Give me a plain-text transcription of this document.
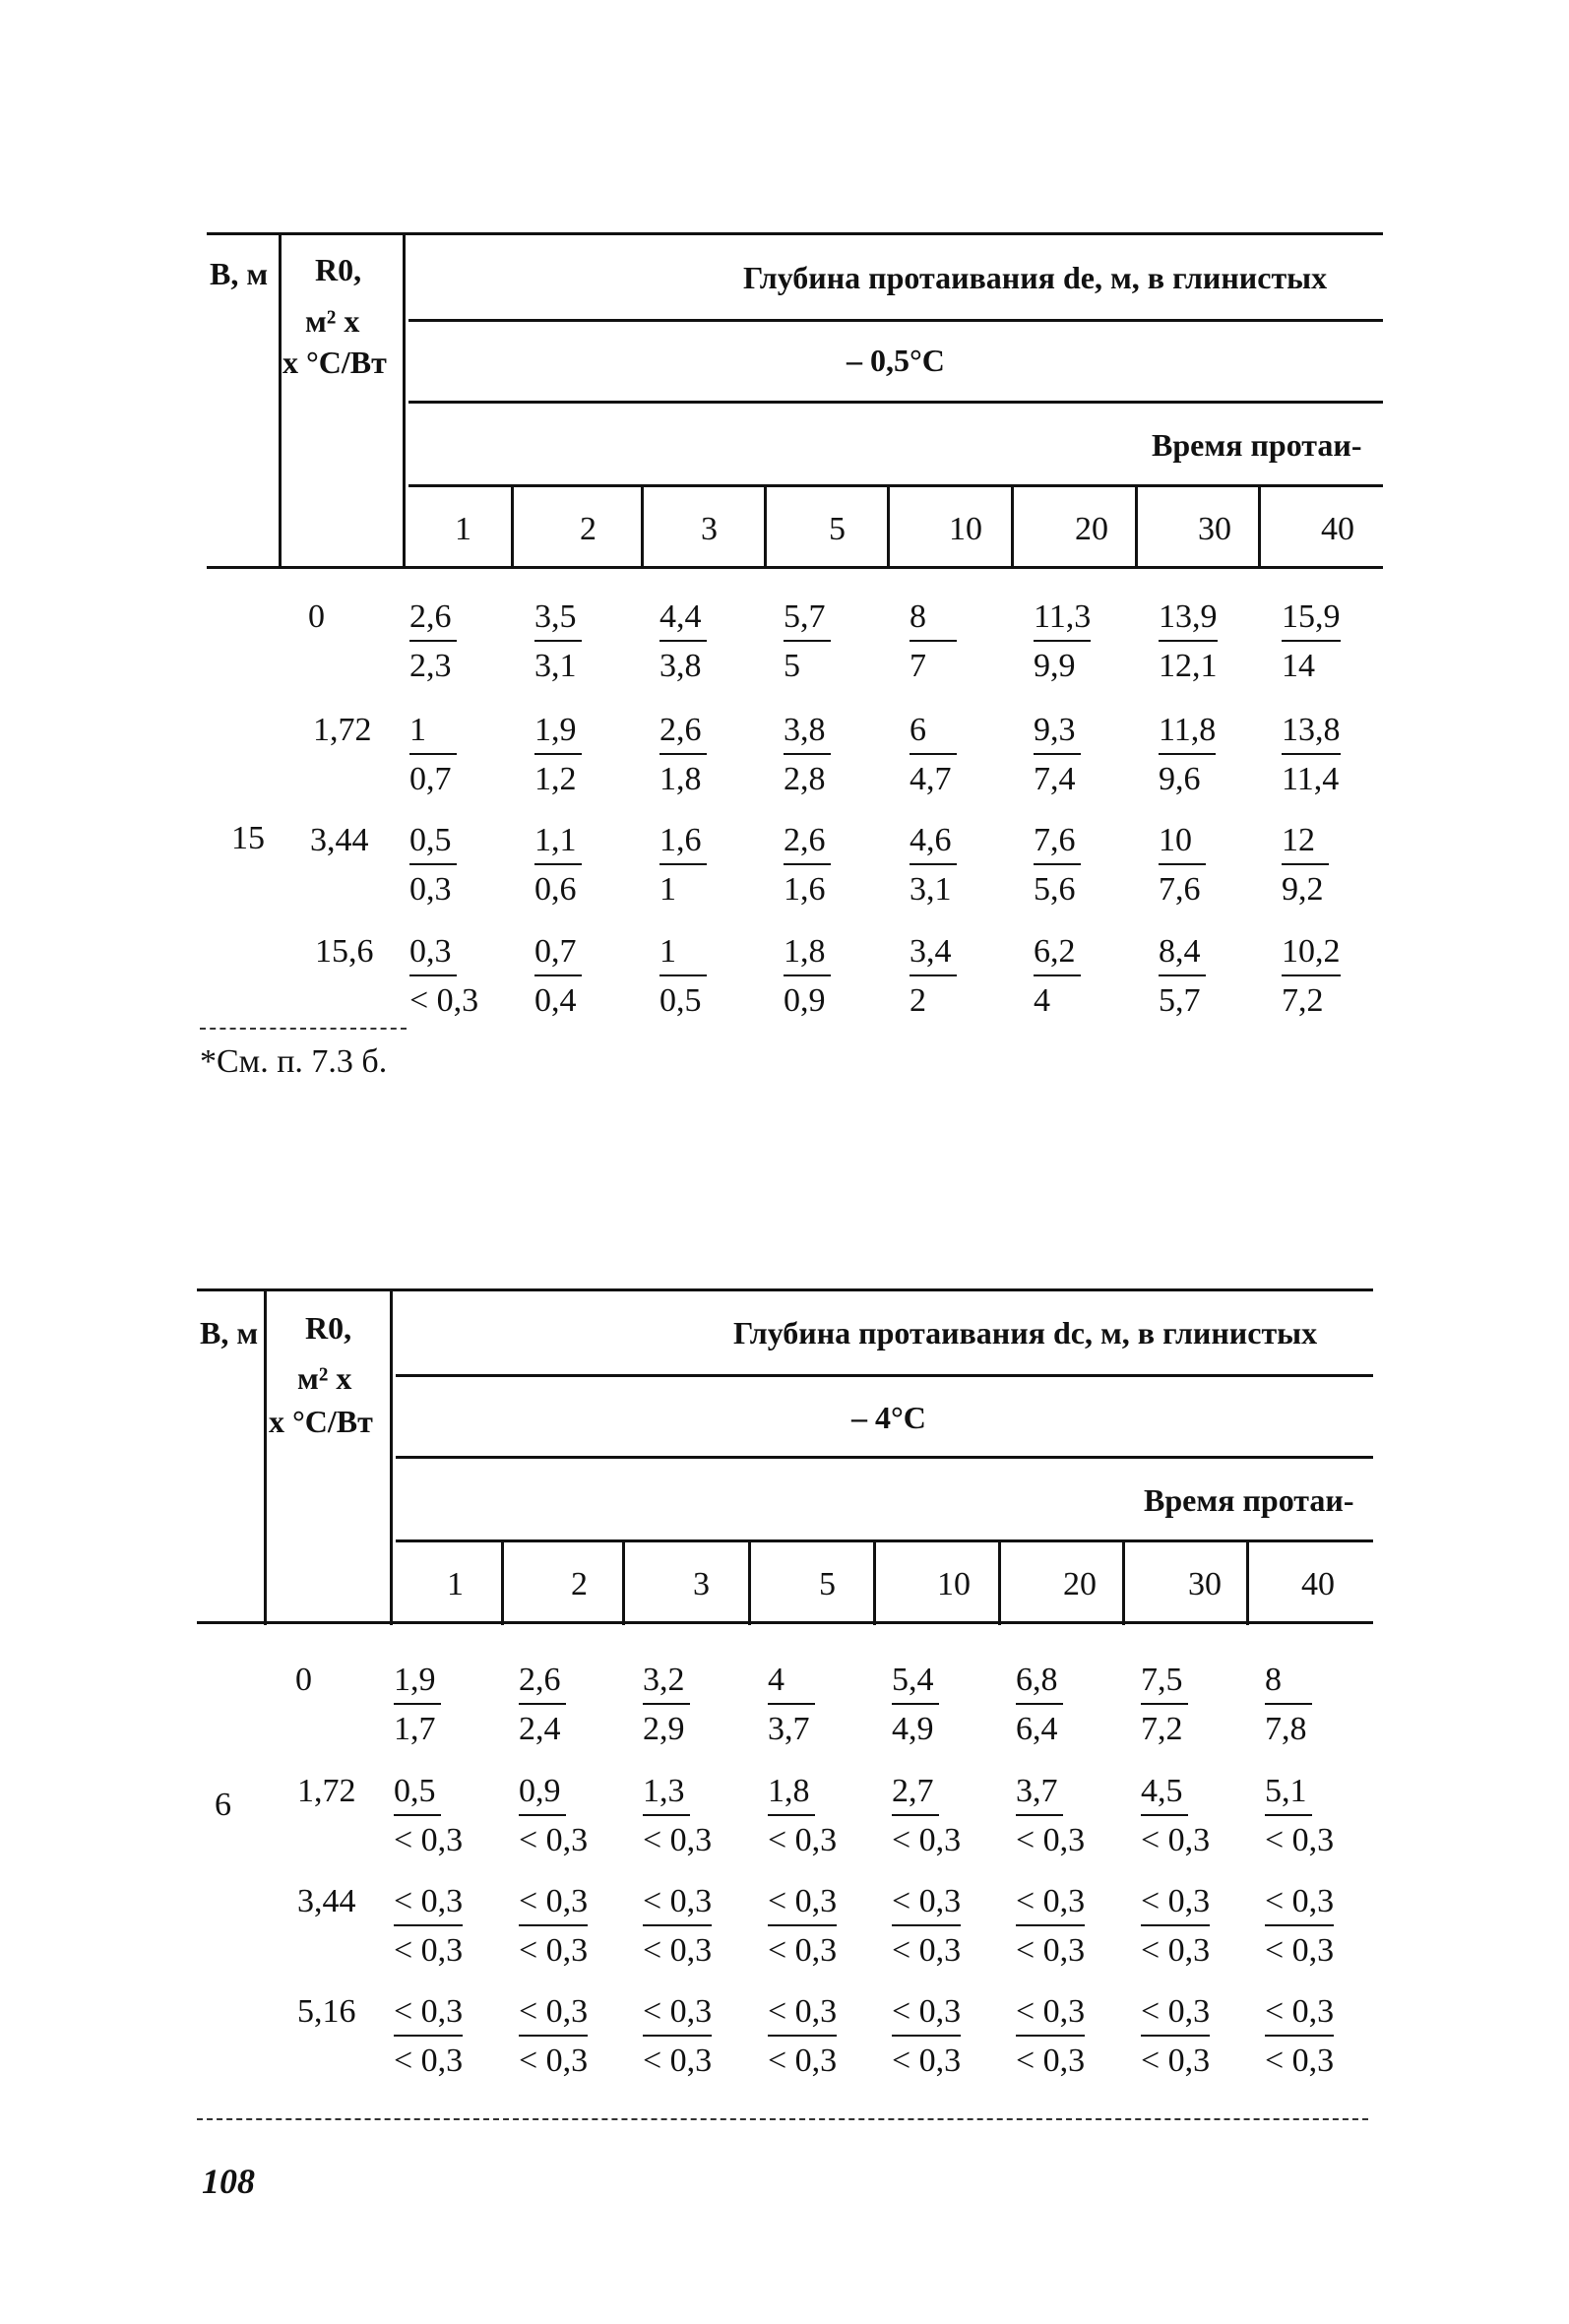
В, м R0,
м² х
х °С/Вт
Глубина протаивания dе, м, в глинистых
– 0,5°С
Время протаи-
1	2	3	5	10	20	30	40
15
0	$\frac{2,6}{2,3} \frac{3,5}{3,1} \frac{4,4}{3,8} \frac{5,7}{5} \frac{8}{7} \frac{11,3}{9,9} \frac{13,9}{12,1} \frac{15,9}{14}$
$1,72 \frac{1}{0,7} \frac{1,9}{1,2} \frac{2,6}{1,8} \frac{3,8}{2,8} \frac{6}{4,7} \frac{9,3}{7,4} \frac{11,8}{9,6} \frac{13,8}{11,4}$
$3,44 \frac{0,5}{0,3} \frac{1,1}{0,6} \frac{1,6}{1} \frac{2,6}{1,6} \frac{4,6}{3,1} \frac{7,6}{5,6} \frac{10}{7,6} \frac{12}{9,2}$
$15,6 \frac{0,3}{< 0,3} \frac{0,7}{0,4} \frac{1}{0,5} \frac{1,8}{0,9} \frac{3,4}{2} \frac{6,2}{4} \frac{8,4}{5,7} \frac{10,2}{7,2}$
*См. п. 7.3 б.
В, м R0,
м² х
х °С/Вт
Глубина протаивания dс, м, в глинистых
– 4°С
Время протаи-
1	2	3	5	10	20	30 40
6
$0 \frac{1,9}{1,7} \frac{2,6}{2,4} \frac{3,2}{2,9} \frac{4}{3,7} \frac{5,4}{4,9} \frac{6,8}{6,4} \frac{7,5}{7,2} \frac{8}{7,8}$
$1,72 \frac{0,5}{< 0,3} \frac{0,9}{< 0,3} \frac{1,3}{< 0,3} \frac{1,8}{< 0,3} \frac{2,7}{< 0,3} \frac{3,7}{< 0,3} \frac{4,5}{< 0,3} \frac{5,1}{< 0,3}$
$3,44 \frac{< 0,3}{< 0,3} \frac{< 0,3}{< 0,3} \frac{< 0,3}{< 0,3} \frac{< 0,3}{< 0,3} \frac{< 0,3}{< 0,3} \frac{< 0,3}{< 0,3} \frac{< 0,3}{< 0,3} \frac{< 0,3}{< 0,3}$
$5,16 \frac{< 0,3}{< 0,3} \frac{< 0,3}{< 0,3} \frac{< 0,3}{< 0,3} \frac{< 0,3}{< 0,3} \frac{< 0,3}{< 0,3} \frac{< 0,3}{< 0,3} \frac{< 0,3}{< 0,3} \frac{< 0,3}{< 0,3}$
108
